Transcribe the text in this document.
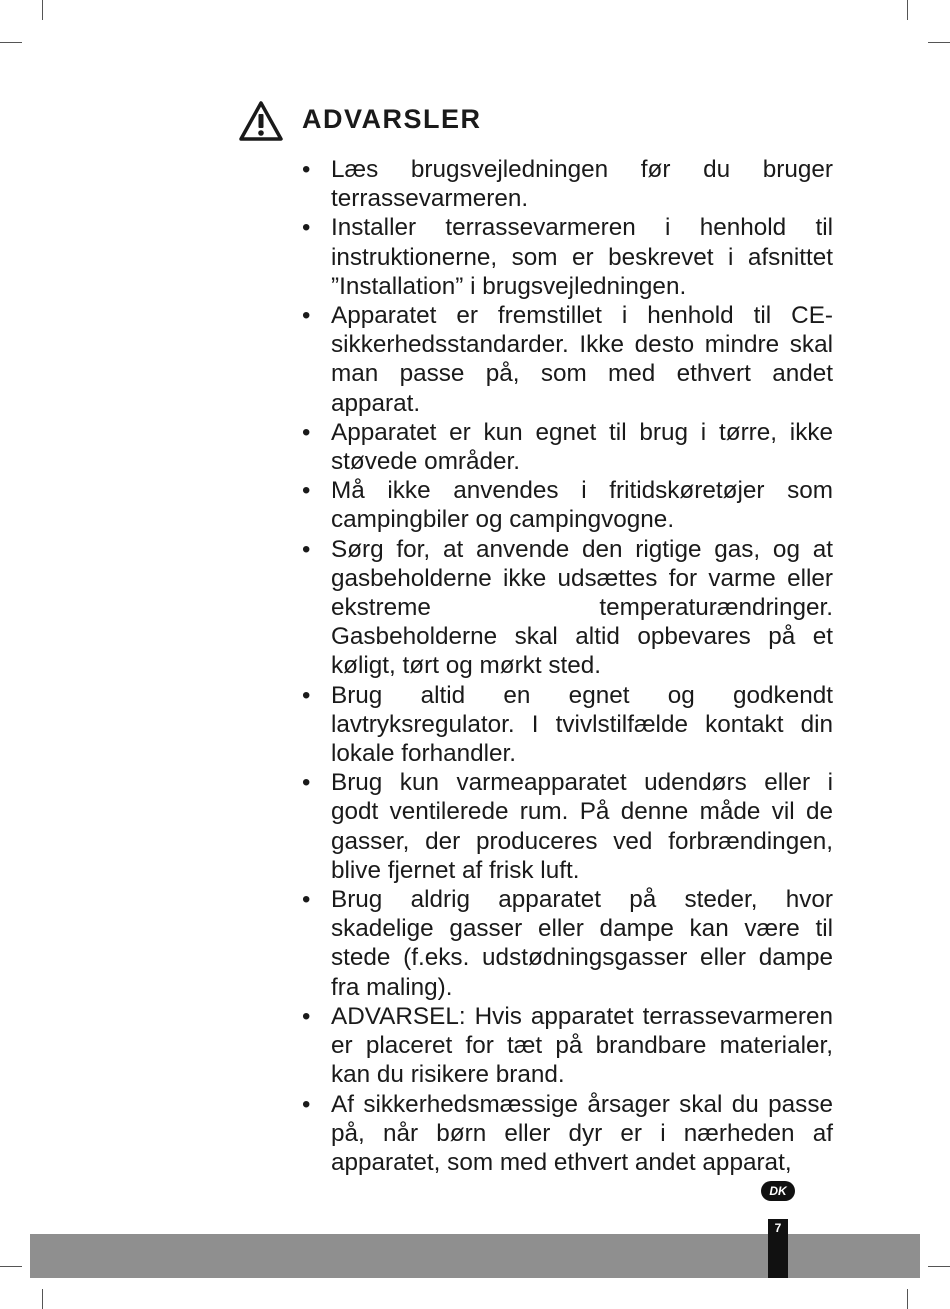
ADVARSLER
• Læs brugsvejledningen før du bruger terrassevarmeren.
• Installer terrassevarmeren i henhold til instruktionerne, som er beskrevet i afsnittet ”Installation” i brugsvejledningen.
• Apparatet er fremstillet i henhold til CE-sikkerhedsstandarder. Ikke desto mindre skal man passe på, som med ethvert andet apparat.
• Apparatet er kun egnet til brug i tørre, ikke støvede områder.
• Må ikke anvendes i fritidskøretøjer som campingbiler og campingvogne.
• Sørg for, at anvende den rigtige gas, og at gasbeholderne ikke udsættes for varme eller ekstreme temperaturændringer. Gasbeholderne skal altid opbevares på et køligt, tørt og mørkt sted.
• Brug altid en egnet og godkendt lavtryksregulator. I tvivlstilfælde kontakt din lokale forhandler.
• Brug kun varmeapparatet udendørs eller i godt ventilerede rum. På denne måde vil de gasser, der produceres ved forbrændingen, blive fjernet af frisk luft.
• Brug aldrig apparatet på steder, hvor skadelige gasser eller dampe kan være til stede (f.eks. udstødningsgasser eller dampe fra maling).
• ADVARSEL: Hvis apparatet terrassevarmeren er placeret for tæt på brandbare materialer, kan du risikere brand.
• Af sikkerhedsmæssige årsager skal du passe på, når børn eller dyr er i nærheden af apparatet, som med ethvert andet apparat,
DK
7
